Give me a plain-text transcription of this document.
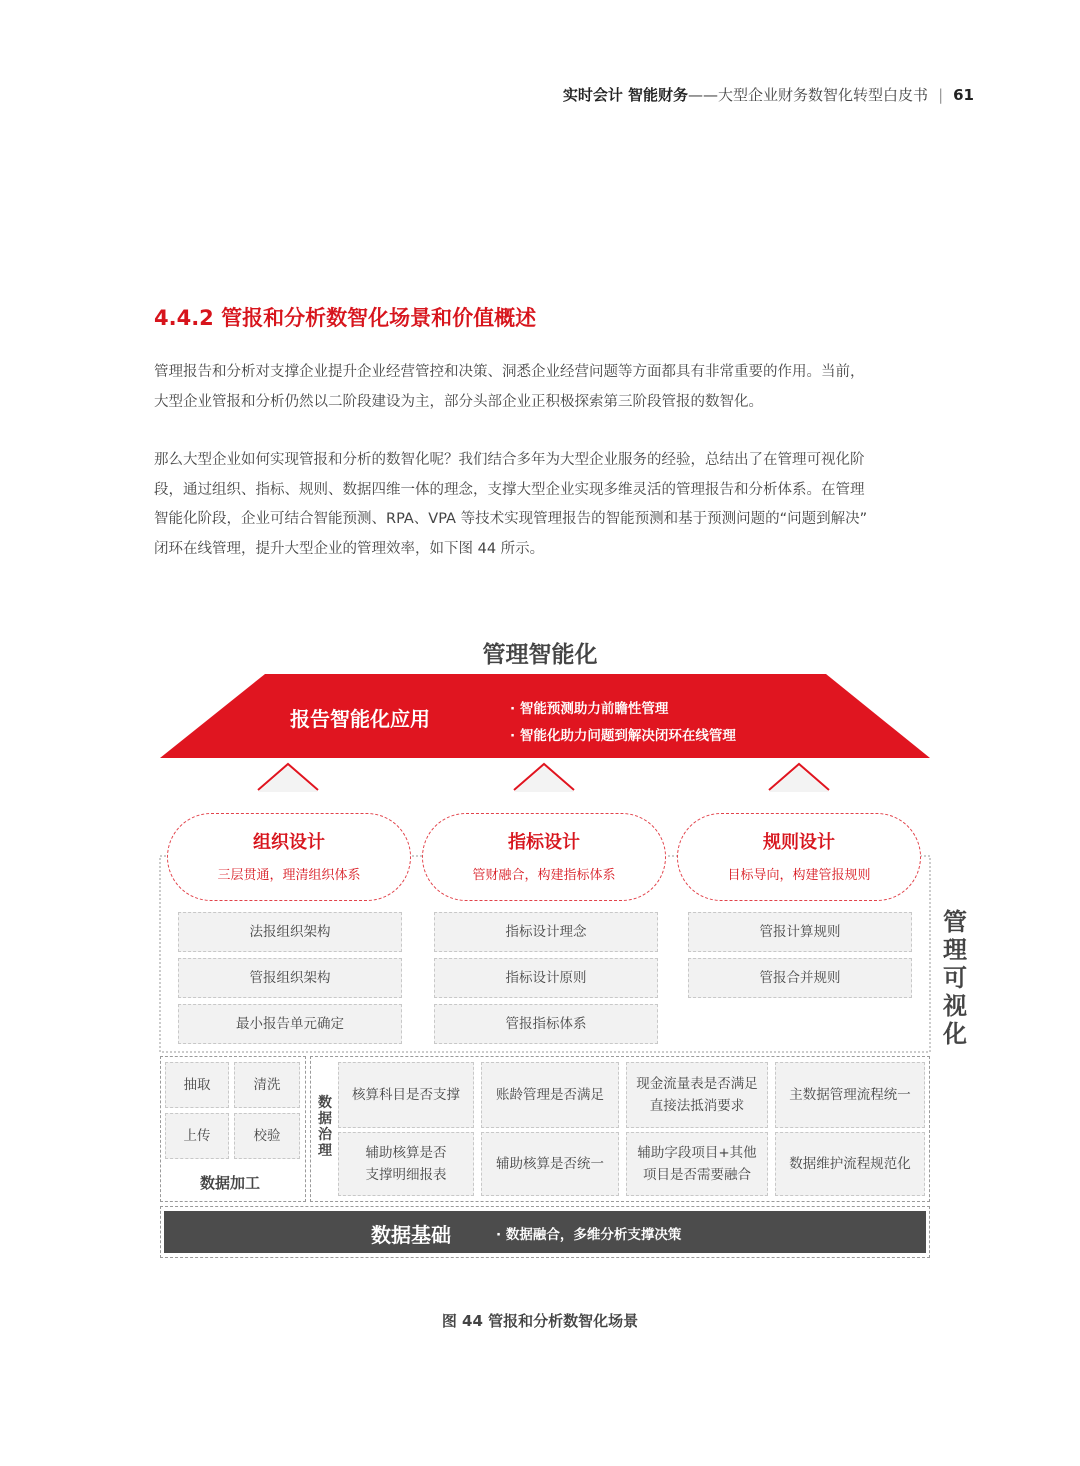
实时会计 智能财务——大型企业财务数智化转型白皮书 | 61
4.4.2 管报和分析数智化场景和价值概述
管理报告和分析对支撑企业提升企业经营管控和决策、洞悉企业经营问题等方面都具有非常重要的作用。当前，
大型企业管报和分析仍然以二阶段建设为主，部分头部企业正积极探索第三阶段管报的数智化。
那么大型企业如何实现管报和分析的数智化呢？我们结合多年为大型企业服务的经验，总结出了在管理可视化阶
段，通过组织、指标、规则、数据四维一体的理念，支撑大型企业实现多维灵活的管理报告和分析体系。在管理
智能化阶段，企业可结合智能预测、RPA、VPA 等技术实现管理报告的智能预测和基于预测问题的“问题到解决”
闭环在线管理，提升大型企业的管理效率，如下图 44 所示。
管理智能化
报告智能化应用	· 智能预测助力前瞻性管理
· 智能化助力问题到解决闭环在线管理
组织设计
三层贯通，理清组织体系
指标设计
管财融合，构建指标体系
规则设计
目标导向，构建管报规则
法报组织架构
管报组织架构
最小报告单元确定
指标设计理念
指标设计原则
管报指标体系
管报计算规则
管报合并规则
管
理
可
视
化
抽取	清洗
上传	校验
数据加工
数
据
治
理
核算科目是否支撑	账龄管理是否满足
现金流量表是否满足
直接法抵消要求
主数据管理流程统一
辅助核算是否
支撑明细报表
辅助核算是否统一
辅助字段项目+其他
项目是否需要融合
数据维护流程规范化
数据基础	· 数据融合，多维分析支撑决策
图 44 管报和分析数智化场景
